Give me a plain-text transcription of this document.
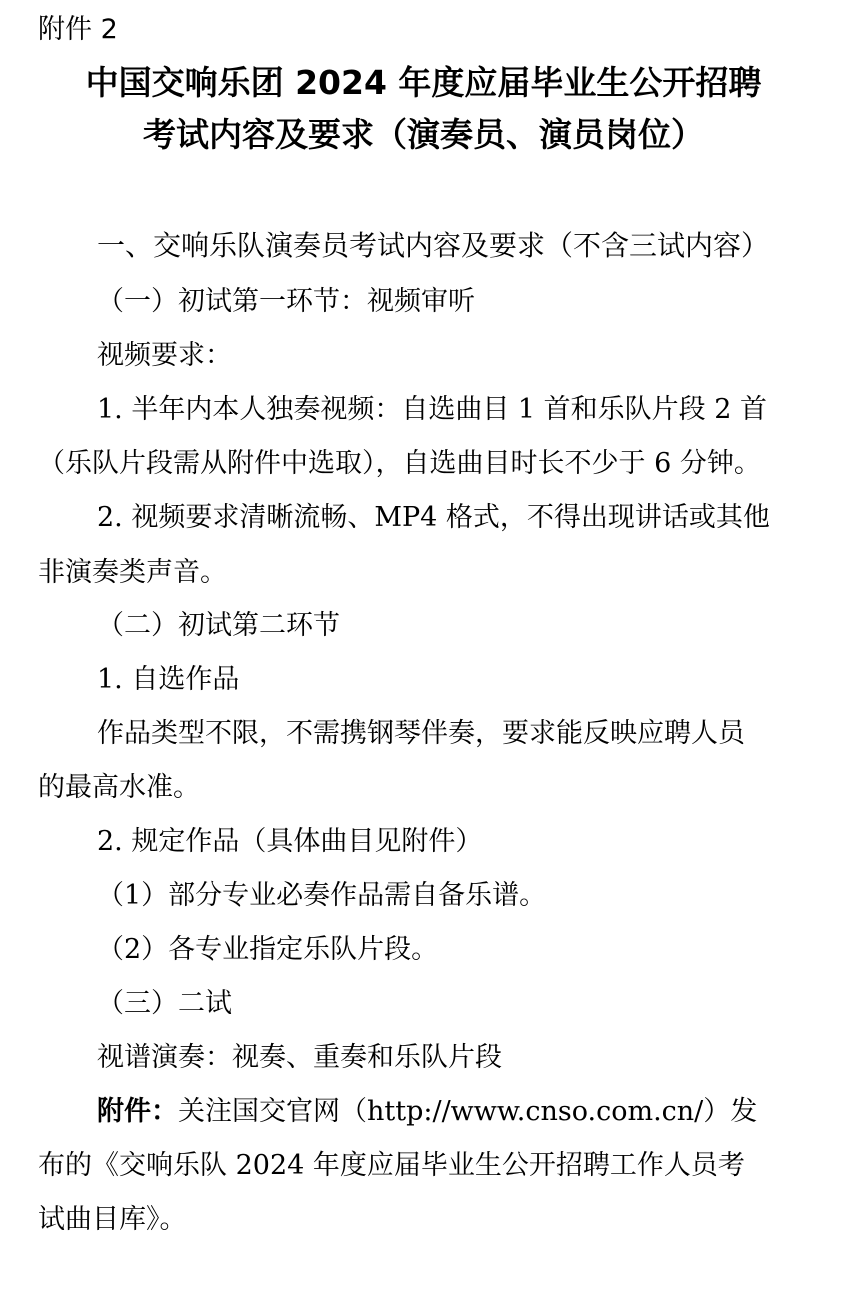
附件 2
中国交响乐团 2024 年度应届毕业生公开招聘
考试内容及要求（演奏员、演员岗位）
一、交响乐队演奏员考试内容及要求（不含三试内容）
（一）初试第一环节：视频审听
视频要求：
1. 半年内本人独奏视频：自选曲目 1 首和乐队片段 2 首
（乐队片段需从附件中选取），自选曲目时长不少于 6 分钟。
2. 视频要求清晰流畅、MP4 格式，不得出现讲话或其他
非演奏类声音。
（二）初试第二环节
1. 自选作品
作品类型不限，不需携钢琴伴奏，要求能反映应聘人员
的最高水准。
2. 规定作品（具体曲目见附件）
（1）部分专业必奏作品需自备乐谱。
（2）各专业指定乐队片段。
（三）二试
视谱演奏：视奏、重奏和乐队片段
附件：关注国交官网（http://www.cnso.com.cn/）发
布的《交响乐队 2024 年度应届毕业生公开招聘工作人员考
试曲目库》。
